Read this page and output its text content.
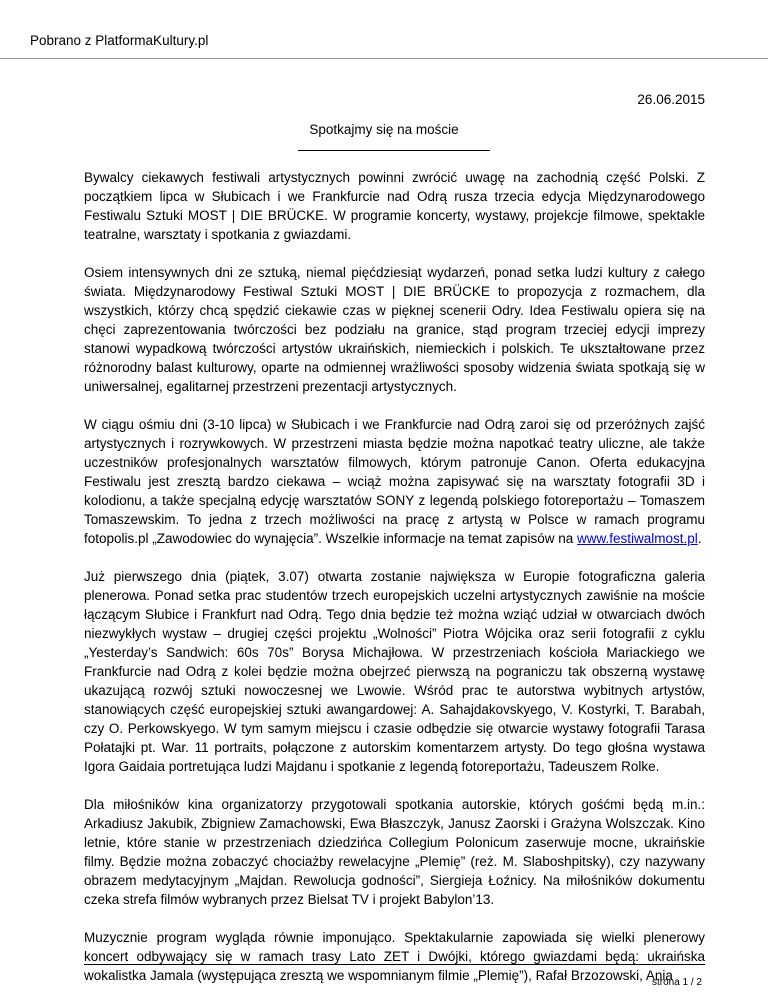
Pobrano z PlatformaKultury.pl
26.06.2015
Spotkajmy się na moście

Bywalcy ciekawych festiwali artystycznych powinni zwrócić uwagę na zachodnią część Polski. Z początkiem lipca w Słubicach i we Frankfurcie nad Odrą rusza trzecia edycja Międzynarodowego Festiwalu Sztuki MOST | DIE BRÜCKE. W programie koncerty, wystawy, projekcje filmowe, spektakle teatralne, warsztaty i spotkania z gwiazdami.

Osiem intensywnych dni ze sztuką, niemal pięćdziesiąt wydarzeń, ponad setka ludzi kultury z całego świata. Międzynarodowy Festiwal Sztuki MOST | DIE BRÜCKE to propozycja z rozmachem, dla wszystkich, którzy chcą spędzić ciekawie czas w pięknej scenerii Odry. Idea Festiwalu opiera się na chęci zaprezentowania twórczości bez podziału na granice, stąd program trzeciej edycji imprezy stanowi wypadkową twórczości artystów ukraińskich, niemieckich i polskich. Te ukształtowane przez różnorodny balast kulturowy, oparte na odmiennej wrażliwości sposoby widzenia świata spotkają się w uniwersalnej, egalitarnej przestrzeni prezentacji artystycznych.

W ciągu ośmiu dni (3-10 lipca) w Słubicach i we Frankfurcie nad Odrą zaroi się od przeróżnych zajść artystycznych i rozrywkowych. W przestrzeni miasta będzie można napotkać teatry uliczne, ale także uczestników profesjonalnych warsztatów filmowych, którym patronuje Canon. Oferta edukacyjna Festiwalu jest zresztą bardzo ciekawa – wciąż można zapisywać się na warsztaty fotografii 3D i kolodionu, a także specjalną edycję warsztatów SONY z legendą polskiego fotoreportażu – Tomaszem Tomaszewskim. To jedna z trzech możliwości na pracę z artystą w Polsce w ramach programu fotopolis.pl „Zawodowiec do wynajęcia”. Wszelkie informacje na temat zapisów na www.festiwalmost.pl.

Już pierwszego dnia (piątek, 3.07) otwarta zostanie największa w Europie fotograficzna galeria plenerowa. Ponad setka prac studentów trzech europejskich uczelni artystycznych zawiśnie na moście łączącym Słubice i Frankfurt nad Odrą. Tego dnia będzie też można wziąć udział w otwarciach dwóch niezwykłych wystaw – drugiej części projektu „Wolności” Piotra Wójcika oraz serii fotografii z cyklu „Yesterday’s Sandwich: 60s 70s” Borysa Michajłowa. W przestrzeniach kościoła Mariackiego we Frankfurcie nad Odrą z kolei będzie można obejrzeć pierwszą na pograniczu tak obszerną wystawę ukazującą rozwój sztuki nowoczesnej we Lwowie. Wśród prac te autorstwa wybitnych artystów, stanowiących część europejskiej sztuki awangardowej: A. Sahajdakovskyego, V. Kostyrki, T. Barabah, czy O. Perkowskyego. W tym samym miejscu i czasie odbędzie się otwarcie wystawy fotografii Tarasa Połatajki pt. War. 11 portraits, połączone z autorskim komentarzem artysty. Do tego głośna wystawa Igora Gaidaia portretująca ludzi Majdanu i spotkanie z legendą fotoreportażu, Tadeuszem Rolke.

Dla miłośników kina organizatorzy przygotowali spotkania autorskie, których gośćmi będą m.in.: Arkadiusz Jakubik, Zbigniew Zamachowski, Ewa Błaszczyk, Janusz Zaorski i Grażyna Wolszczak. Kino letnie, które stanie w przestrzeniach dziedzińca Collegium Polonicum zaserwuje mocne, ukraińskie filmy. Będzie można zobaczyć chociażby rewelacyjne „Plemię” (reż. M. Slaboshpitsky), czy nazywany obrazem medytacyjnym „Majdan. Rewolucja godności”, Siergieja Łoźnicy. Na miłośników dokumentu czeka strefa filmów wybranych przez Bielsat TV i projekt Babylon’13.

Muzycznie program wygląda równie imponująco. Spektakularnie zapowiada się wielki plenerowy koncert odbywający się w ramach trasy Lato ZET i Dwójki, którego gwiazdami będą: ukraińska wokalistka Jamala (występująca zresztą we wspomnianym filmie „Plemię”), Rafał Brzozowski, Ania

strona 1 / 2
